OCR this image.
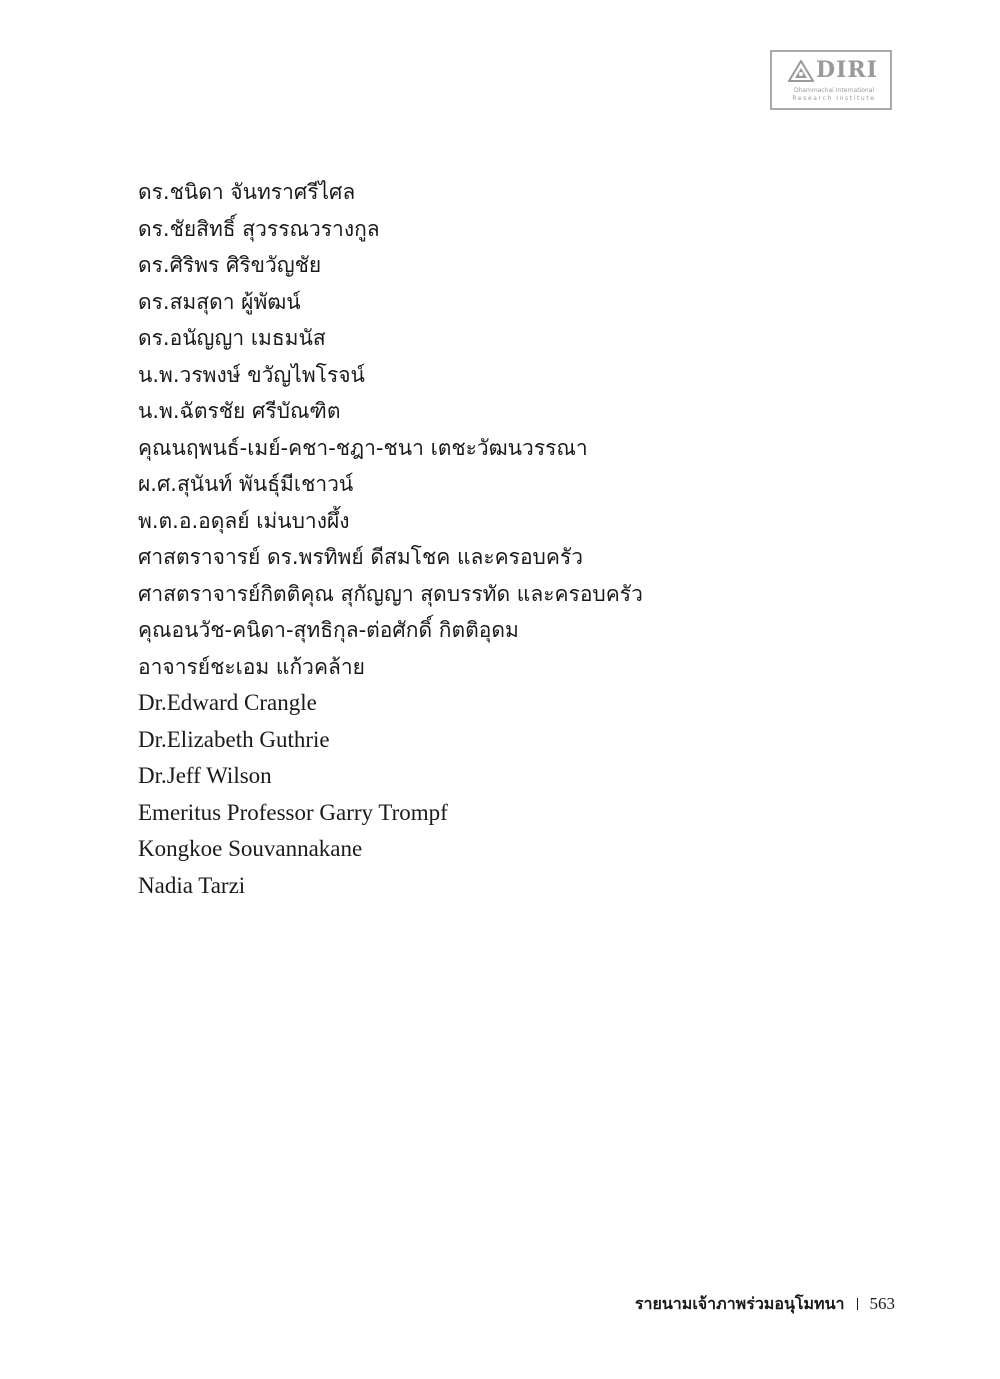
DIRI
Dhammachai International
Research Institute
ดร.ชนิดา จันทราศรีไศล
ดร.ชัยสิทธิ์ สุวรรณวรางกูล
ดร.ศิริพร ศิริขวัญชัย
ดร.สมสุดา ผู้พัฒน์
ดร.อนัญญา เมธมนัส
น.พ.วรพงษ์ ขวัญไพโรจน์
น.พ.ฉัตรชัย ศรีบัณฑิต
คุณนฤพนธ์-เมย์-คชา-ชฎา-ชนา เตชะวัฒนวรรณา
ผ.ศ.สุนันท์ พันธุ์มีเชาวน์
พ.ต.อ.อดุลย์ เม่นบางผึ้ง
ศาสตราจารย์ ดร.พรทิพย์ ดีสมโชค และครอบครัว
ศาสตราจารย์กิตติคุณ สุกัญญา สุดบรรทัด และครอบครัว
คุณอนวัช-คนิดา-สุทธิกุล-ต่อศักดิ์ กิตติอุดม
อาจารย์ชะเอม แก้วคล้าย
Dr.Edward Crangle
Dr.Elizabeth Guthrie
Dr.Jeff Wilson
Emeritus Professor Garry Trompf
Kongkoe Souvannakane
Nadia Tarzi
รายนามเจ้าภาพร่วมอนุโมทนา 563
